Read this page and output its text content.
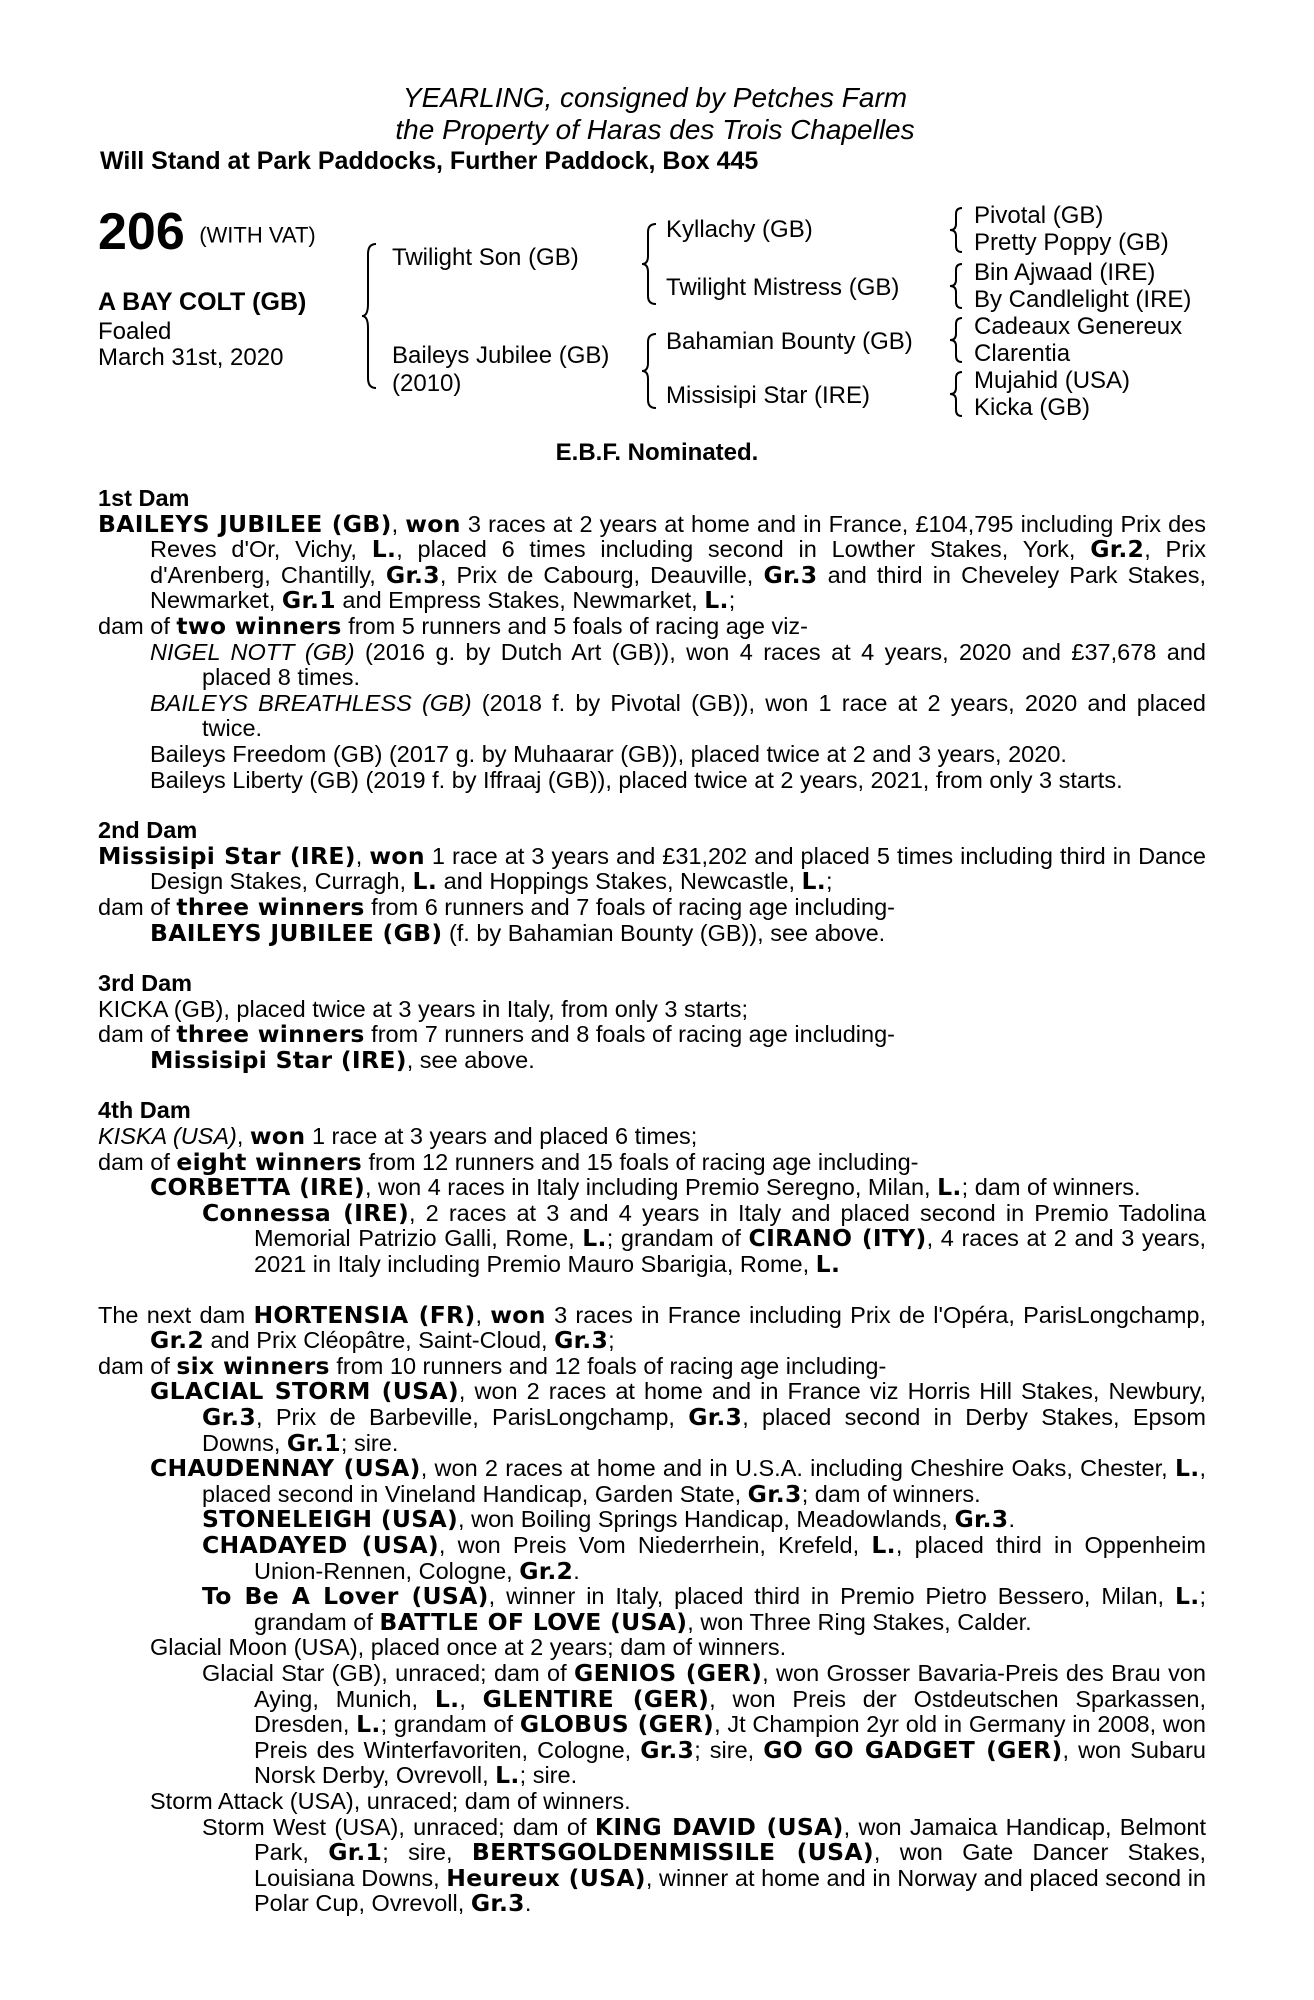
YEARLING, consigned by Petches Farm
the Property of Haras des Trois Chapelles
Will Stand at Park Paddocks, Further Paddock, Box 445
206 (WITH VAT)
A BAY COLT (GB)
Foaled
March 31st, 2020
Twilight Son (GB)
Baileys Jubilee (GB)
(2010)
Kyllachy (GB)
Twilight Mistress (GB)
Bahamian Bounty (GB)
Missisipi Star (IRE)
Pivotal (GB)
Pretty Poppy (GB)
Bin Ajwaad (IRE)
By Candlelight (IRE)
Cadeaux Genereux
Clarentia
Mujahid (USA)
Kicka (GB)
E.B.F. Nominated.
1st Dam

BAILEYS JUBILEE (GB), won 3 races at 2 years at home and in France, £104,795 including Prix des Reves d'Or, Vichy, L., placed 6 times including second in Lowther Stakes, York, Gr.2, Prix d'Arenberg, Chantilly, Gr.3, Prix de Cabourg, Deauville, Gr.3 and third in Cheveley Park Stakes, Newmarket, Gr.1 and Empress Stakes, Newmarket, L.;

dam of two winners from 5 runners and 5 foals of racing age viz-

NIGEL NOTT (GB) (2016 g. by Dutch Art (GB)), won 4 races at 4 years, 2020 and £37,678 and placed 8 times.

BAILEYS BREATHLESS (GB) (2018 f. by Pivotal (GB)), won 1 race at 2 years, 2020 and placed twice.

Baileys Freedom (GB) (2017 g. by Muhaarar (GB)), placed twice at 2 and 3 years, 2020.

Baileys Liberty (GB) (2019 f. by Iffraaj (GB)), placed twice at 2 years, 2021, from only 3 starts.

2nd Dam

Missisipi Star (IRE), won 1 race at 3 years and £31,202 and placed 5 times including third in Dance Design Stakes, Curragh, L. and Hoppings Stakes, Newcastle, L.;

dam of three winners from 6 runners and 7 foals of racing age including-

BAILEYS JUBILEE (GB) (f. by Bahamian Bounty (GB)), see above.

3rd Dam

KICKA (GB), placed twice at 3 years in Italy, from only 3 starts;

dam of three winners from 7 runners and 8 foals of racing age including-

Missisipi Star (IRE), see above.

4th Dam

KISKA (USA), won 1 race at 3 years and placed 6 times;

dam of eight winners from 12 runners and 15 foals of racing age including-

CORBETTA (IRE), won 4 races in Italy including Premio Seregno, Milan, L.; dam of winners.

Connessa (IRE), 2 races at 3 and 4 years in Italy and placed second in Premio Tadolina Memorial Patrizio Galli, Rome, L.; grandam of CIRANO (ITY), 4 races at 2 and 3 years, 2021 in Italy including Premio Mauro Sbarigia, Rome, L.

The next dam HORTENSIA (FR), won 3 races in France including Prix de l'Opéra, ParisLongchamp, Gr.2 and Prix Cléopâtre, Saint-Cloud, Gr.3;

dam of six winners from 10 runners and 12 foals of racing age including-

GLACIAL STORM (USA), won 2 races at home and in France viz Horris Hill Stakes, Newbury, Gr.3, Prix de Barbeville, ParisLongchamp, Gr.3, placed second in Derby Stakes, Epsom Downs, Gr.1; sire.

CHAUDENNAY (USA), won 2 races at home and in U.S.A. including Cheshire Oaks, Chester, L., placed second in Vineland Handicap, Garden State, Gr.3; dam of winners.

STONELEIGH (USA), won Boiling Springs Handicap, Meadowlands, Gr.3.

CHADAYED (USA), won Preis Vom Niederrhein, Krefeld, L., placed third in Oppenheim Union-Rennen, Cologne, Gr.2.

To Be A Lover (USA), winner in Italy, placed third in Premio Pietro Bessero, Milan, L.; grandam of BATTLE OF LOVE (USA), won Three Ring Stakes, Calder.

Glacial Moon (USA), placed once at 2 years; dam of winners.

Glacial Star (GB), unraced; dam of GENIOS (GER), won Grosser Bavaria-Preis des Brau von Aying, Munich, L., GLENTIRE (GER), won Preis der Ostdeutschen Sparkassen, Dresden, L.; grandam of GLOBUS (GER), Jt Champion 2yr old in Germany in 2008, won Preis des Winterfavoriten, Cologne, Gr.3; sire, GO GO GADGET (GER), won Subaru Norsk Derby, Ovrevoll, L.; sire.

Storm Attack (USA), unraced; dam of winners.

Storm West (USA), unraced; dam of KING DAVID (USA), won Jamaica Handicap, Belmont Park, Gr.1; sire, BERTSGOLDENMISSILE (USA), won Gate Dancer Stakes, Louisiana Downs, Heureux (USA), winner at home and in Norway and placed second in Polar Cup, Ovrevoll, Gr.3.
